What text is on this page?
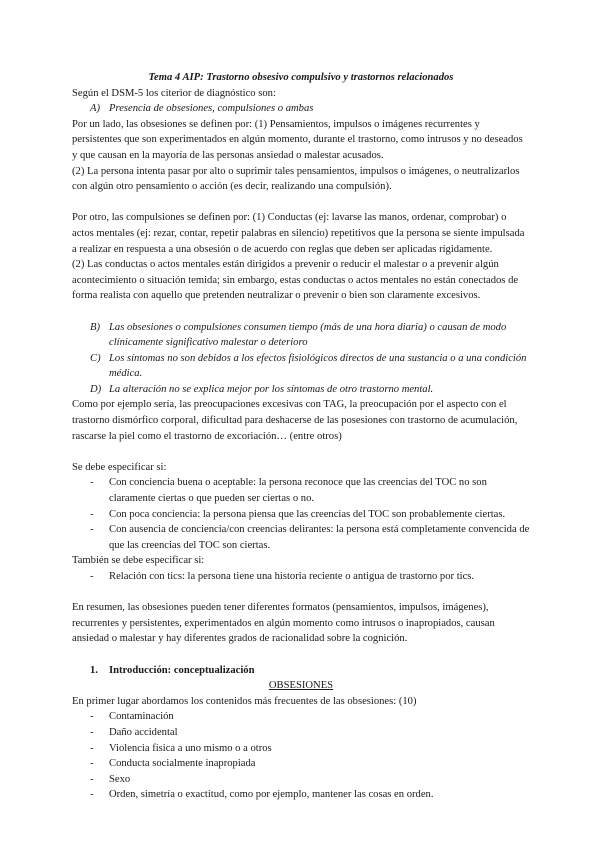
Tema 4 AIP: Trastorno obsesivo compulsivo y trastornos relacionados

Según el DSM-5 los citerior de diagnóstico son:

A) Presencia de obsesiones, compulsiones o ambas

Por un lado, las obsesiones se definen por: (1) Pensamientos, impulsos o imágenes recurrentes y persistentes que son experimentados en algún momento, durante el trastorno, como intrusos y no deseados y que causan en la mayoría de las personas ansiedad o malestar acusados.

(2) La persona intenta pasar por alto o suprimir tales pensamientos, impulsos o imágenes, o neutralizarlos con algún otro pensamiento o acción (es decir, realizando una compulsión).

Por otro, las compulsiones se definen por: (1) Conductas (ej: lavarse las manos, ordenar, comprobar) o actos mentales (ej: rezar, contar, repetir palabras en silencio) repetitivos que la persona se siente impulsada a realizar en respuesta a una obsesión o de acuerdo con reglas que deben ser aplicadas rígidamente.

(2) Las conductas o actos mentales están dirigidos a prevenir o reducir el malestar o a prevenir algún acontecimiento o situación temida; sin embargo, estas conductas o actos mentales no están conectados de forma realista con aquello que pretenden neutralizar o prevenir o bien son claramente excesivos.

B) Las obsesiones o compulsiones consumen tiempo (más de una hora diaria) o causan de modo clínicamente significativo malestar o deterioro

C) Los síntomas no son debidos a los efectos fisiológicos directos de una sustancia o a una condición médica.

D) La alteración no se explica mejor por los síntomas de otro trastorno mental.

Como por ejemplo sería, las preocupaciones excesivas con TAG, la preocupación por el aspecto con el trastorno dismórfico corporal, dificultad para deshacerse de las posesiones con trastorno de acumulación, rascarse la piel como el trastorno de excoriación… (entre otros)

Se debe especificar si:

- Con conciencia buena o aceptable: la persona reconoce que las creencias del TOC no son claramente ciertas o que pueden ser ciertas o no.

- Con poca conciencia: la persona piensa que las creencias del TOC son probablemente ciertas.

- Con ausencia de conciencia/con creencias delirantes: la persona está completamente convencida de que las creencias del TOC son ciertas.

También se debe especificar si:

- Relación con tics: la persona tiene una historia reciente o antigua de trastorno por tics.

En resumen, las obsesiones pueden tener diferentes formatos (pensamientos, impulsos, imágenes), recurrentes y persistentes, experimentados en algún momento como intrusos o inapropiados, causan ansiedad o malestar y hay diferentes grados de racionalidad sobre la cognición.

1. Introducción: conceptualización

OBSESIONES

En primer lugar abordamos los contenidos más frecuentes de las obsesiones: (10)

- Contaminación

- Daño accidental

- Violencia física a uno mismo o a otros

- Conducta socialmente inapropiada

- Sexo

- Orden, simetría o exactitud, como por ejemplo, mantener las cosas en orden.
